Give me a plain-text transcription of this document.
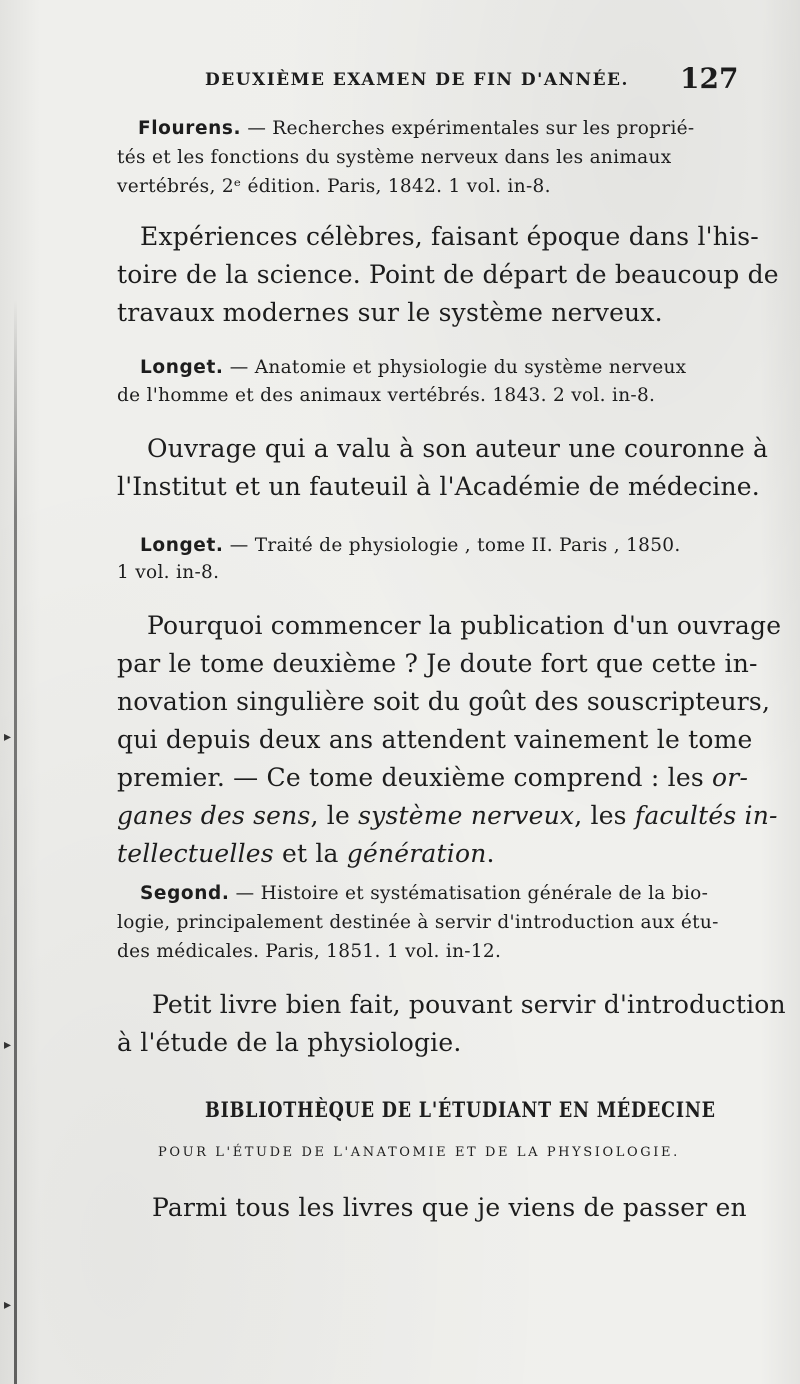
▸
▸
▸
DEUXIÈME EXAMEN DE FIN D'ANNÉE. 127
Flourens. — Recherches expérimentales sur les proprié-
tés et les fonctions du système nerveux dans les animaux
vertébrés, 2ᵉ édition. Paris, 1842. 1 vol. in-8.
Expériences célèbres, faisant époque dans l'his-
toire de la science. Point de départ de beaucoup de
travaux modernes sur le système nerveux.
Longet. — Anatomie et physiologie du système nerveux
de l'homme et des animaux vertébrés. 1843. 2 vol. in-8.
Ouvrage qui a valu à son auteur une couronne à
l'Institut et un fauteuil à l'Académie de médecine.
Longet. — Traité de physiologie , tome II. Paris , 1850.
1 vol. in-8.
Pourquoi commencer la publication d'un ouvrage
par le tome deuxième ? Je doute fort que cette in-
novation singulière soit du goût des souscripteurs,
qui depuis deux ans attendent vainement le tome
premier. — Ce tome deuxième comprend : les or-
ganes des sens, le système nerveux, les facultés in-
tellectuelles et la génération.
Segond. — Histoire et systématisation générale de la bio-
logie, principalement destinée à servir d'introduction aux étu-
des médicales. Paris, 1851. 1 vol. in-12.
Petit livre bien fait, pouvant servir d'introduction
à l'étude de la physiologie.
BIBLIOTHÈQUE DE L'ÉTUDIANT EN MÉDECINE
POUR L'ÉTUDE DE L'ANATOMIE ET DE LA PHYSIOLOGIE.
Parmi tous les livres que je viens de passer en
